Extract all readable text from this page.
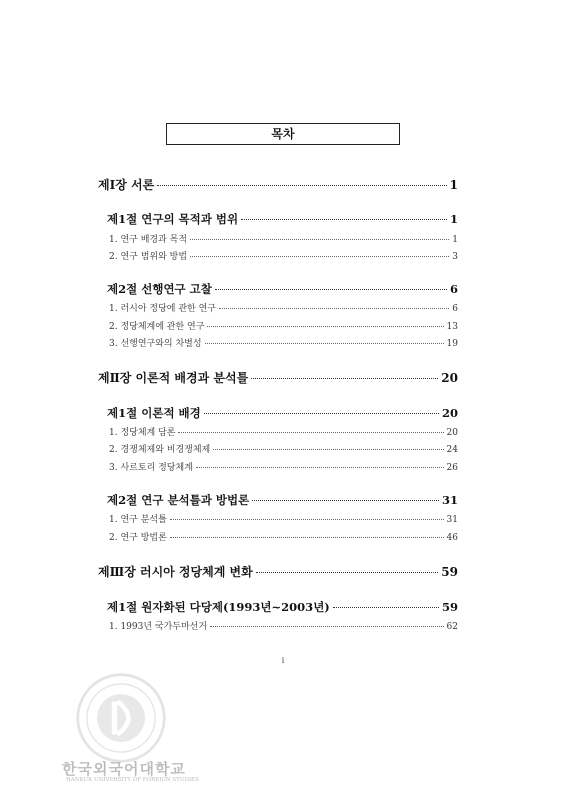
목차
제Ⅰ장 서론	1
제1절 연구의 목적과 범위	1
1. 연구 배경과 목적	1
2. 연구 범위와 방법	3
제2절 선행연구 고찰	6
1. 러시아 정당에 관한 연구	6
2. 정당체계에 관한 연구	13
3. 선행연구와의 차별성	19
제Ⅱ장 이론적 배경과 분석틀	20
제1절 이론적 배경	20
1. 정당체계 담론	20
2. 경쟁체제와 비경쟁체제	24
3. 사르토리 정당체계	26
제2절 연구 분석틀과 방법론	31
1. 연구 분석틀	31
2. 연구 방법론	46
제Ⅲ장 러시아 정당체계 변화	59
제1절 원자화된 다당제(1993년~2003년)	59
1. 1993년 국가두마선거	62
i
한국외국어대학교
HANKUK UNIVERSITY OF FOREIGN STUDIES
